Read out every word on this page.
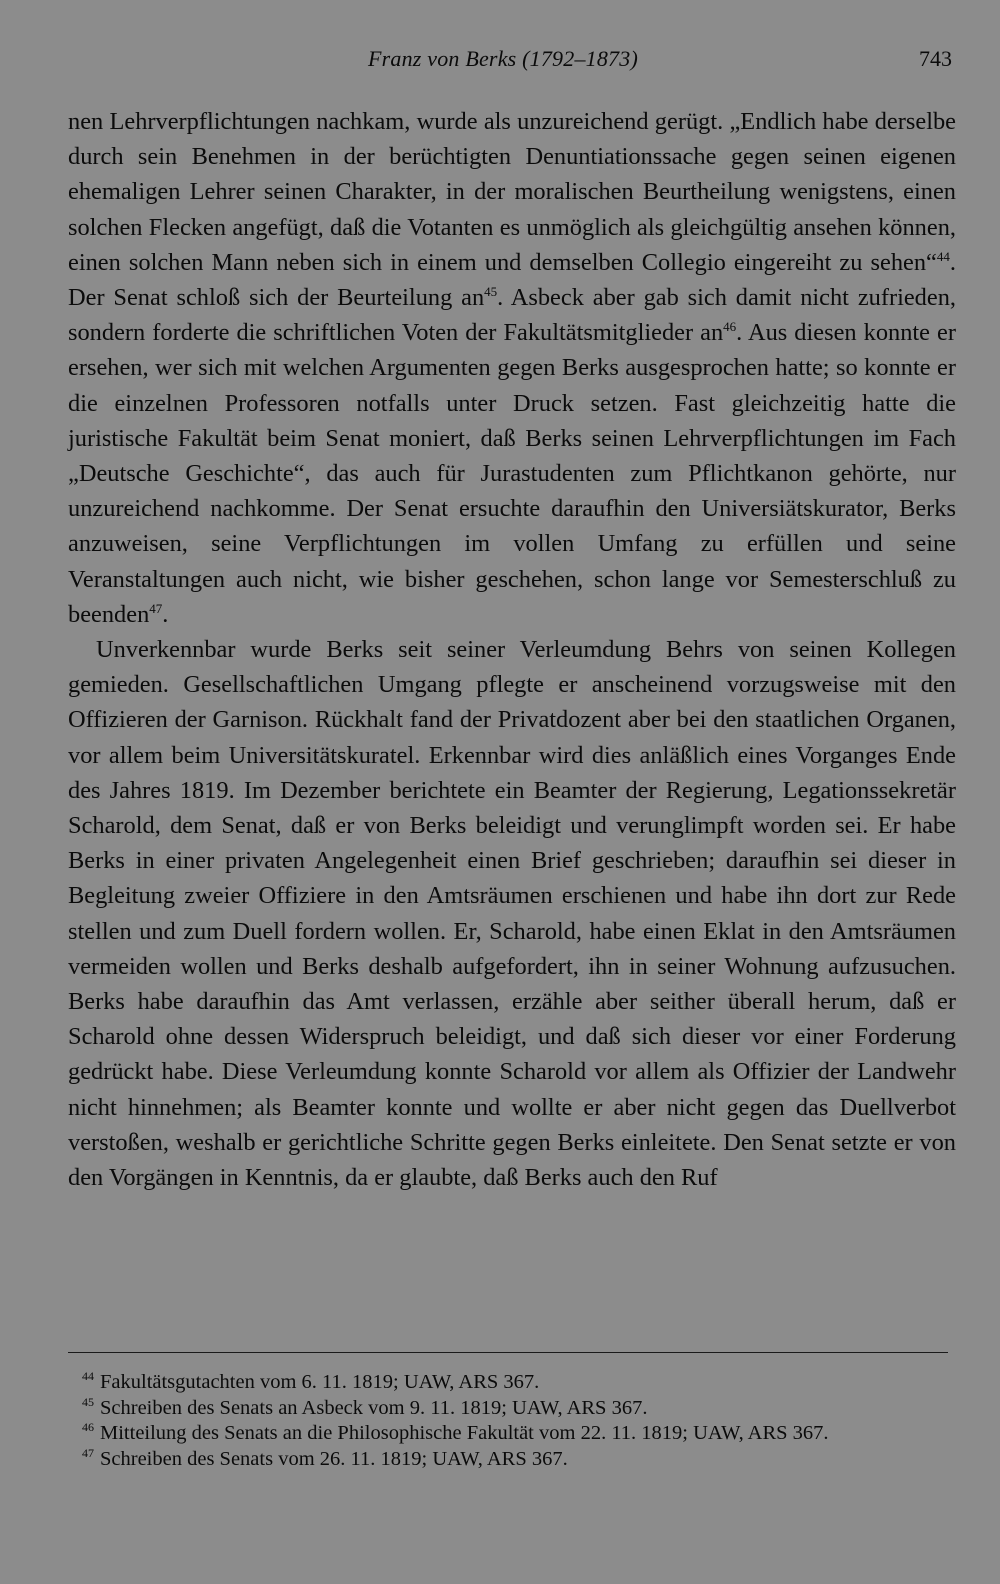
Franz von Berks (1792–1873)	743

nen Lehrverpflichtungen nachkam, wurde als unzureichend gerügt. „Endlich habe derselbe durch sein Benehmen in der berüchtigten Denuntiationssache gegen seinen eigenen ehemaligen Lehrer seinen Charakter, in der moralischen Beurtheilung wenigstens, einen solchen Flecken angefügt, daß die Votanten es unmöglich als gleichgültig ansehen können, einen solchen Mann neben sich in einem und demselben Collegio eingereiht zu sehen“$^{44}$. Der Senat schloß sich der Beurteilung an$^{45}$. Asbeck aber gab sich damit nicht zufrieden, sondern forderte die schriftlichen Voten der Fakultätsmitglieder an$^{46}$. Aus diesen konnte er ersehen, wer sich mit welchen Argumenten gegen Berks ausgesprochen hatte; so konnte er die einzelnen Professoren notfalls unter Druck setzen. Fast gleichzeitig hatte die juristische Fakultät beim Senat moniert, daß Berks seinen Lehrverpflichtungen im Fach „Deutsche Geschichte“, das auch für Jurastudenten zum Pflichtkanon gehörte, nur unzureichend nachkomme. Der Senat ersuchte daraufhin den Universiätskurator, Berks anzuweisen, seine Verpflichtungen im vollen Umfang zu erfüllen und seine Veranstaltungen auch nicht, wie bisher geschehen, schon lange vor Semesterschluß zu beenden$^{47}$.

Unverkennbar wurde Berks seit seiner Verleumdung Behrs von seinen Kollegen gemieden. Gesellschaftlichen Umgang pflegte er anscheinend vorzugsweise mit den Offizieren der Garnison. Rückhalt fand der Privatdozent aber bei den staatlichen Organen, vor allem beim Universitätskuratel. Erkennbar wird dies anläßlich eines Vorganges Ende des Jahres 1819. Im Dezember berichtete ein Beamter der Regierung, Legationssekretär Scharold, dem Senat, daß er von Berks beleidigt und verunglimpft worden sei. Er habe Berks in einer privaten Angelegenheit einen Brief geschrieben; daraufhin sei dieser in Begleitung zweier Offiziere in den Amtsräumen erschienen und habe ihn dort zur Rede stellen und zum Duell fordern wollen. Er, Scharold, habe einen Eklat in den Amtsräumen vermeiden wollen und Berks deshalb aufgefordert, ihn in seiner Wohnung aufzusuchen. Berks habe daraufhin das Amt verlassen, erzähle aber seither überall herum, daß er Scharold ohne dessen Widerspruch beleidigt, und daß sich dieser vor einer Forderung gedrückt habe. Diese Verleumdung konnte Scharold vor allem als Offizier der Landwehr nicht hinnehmen; als Beamter konnte und wollte er aber nicht gegen das Duellverbot verstoßen, weshalb er gerichtliche Schritte gegen Berks einleitete. Den Senat setzte er von den Vorgängen in Kenntnis, da er glaubte, daß Berks auch den Ruf

$^{44}$ Fakultätsgutachten vom 6. 11. 1819; UAW, ARS 367.

$^{45}$ Schreiben des Senats an Asbeck vom 9. 11. 1819; UAW, ARS 367.

$^{46}$ Mitteilung des Senats an die Philosophische Fakultät vom 22. 11. 1819; UAW, ARS 367.

$^{47}$ Schreiben des Senats vom 26. 11. 1819; UAW, ARS 367.
